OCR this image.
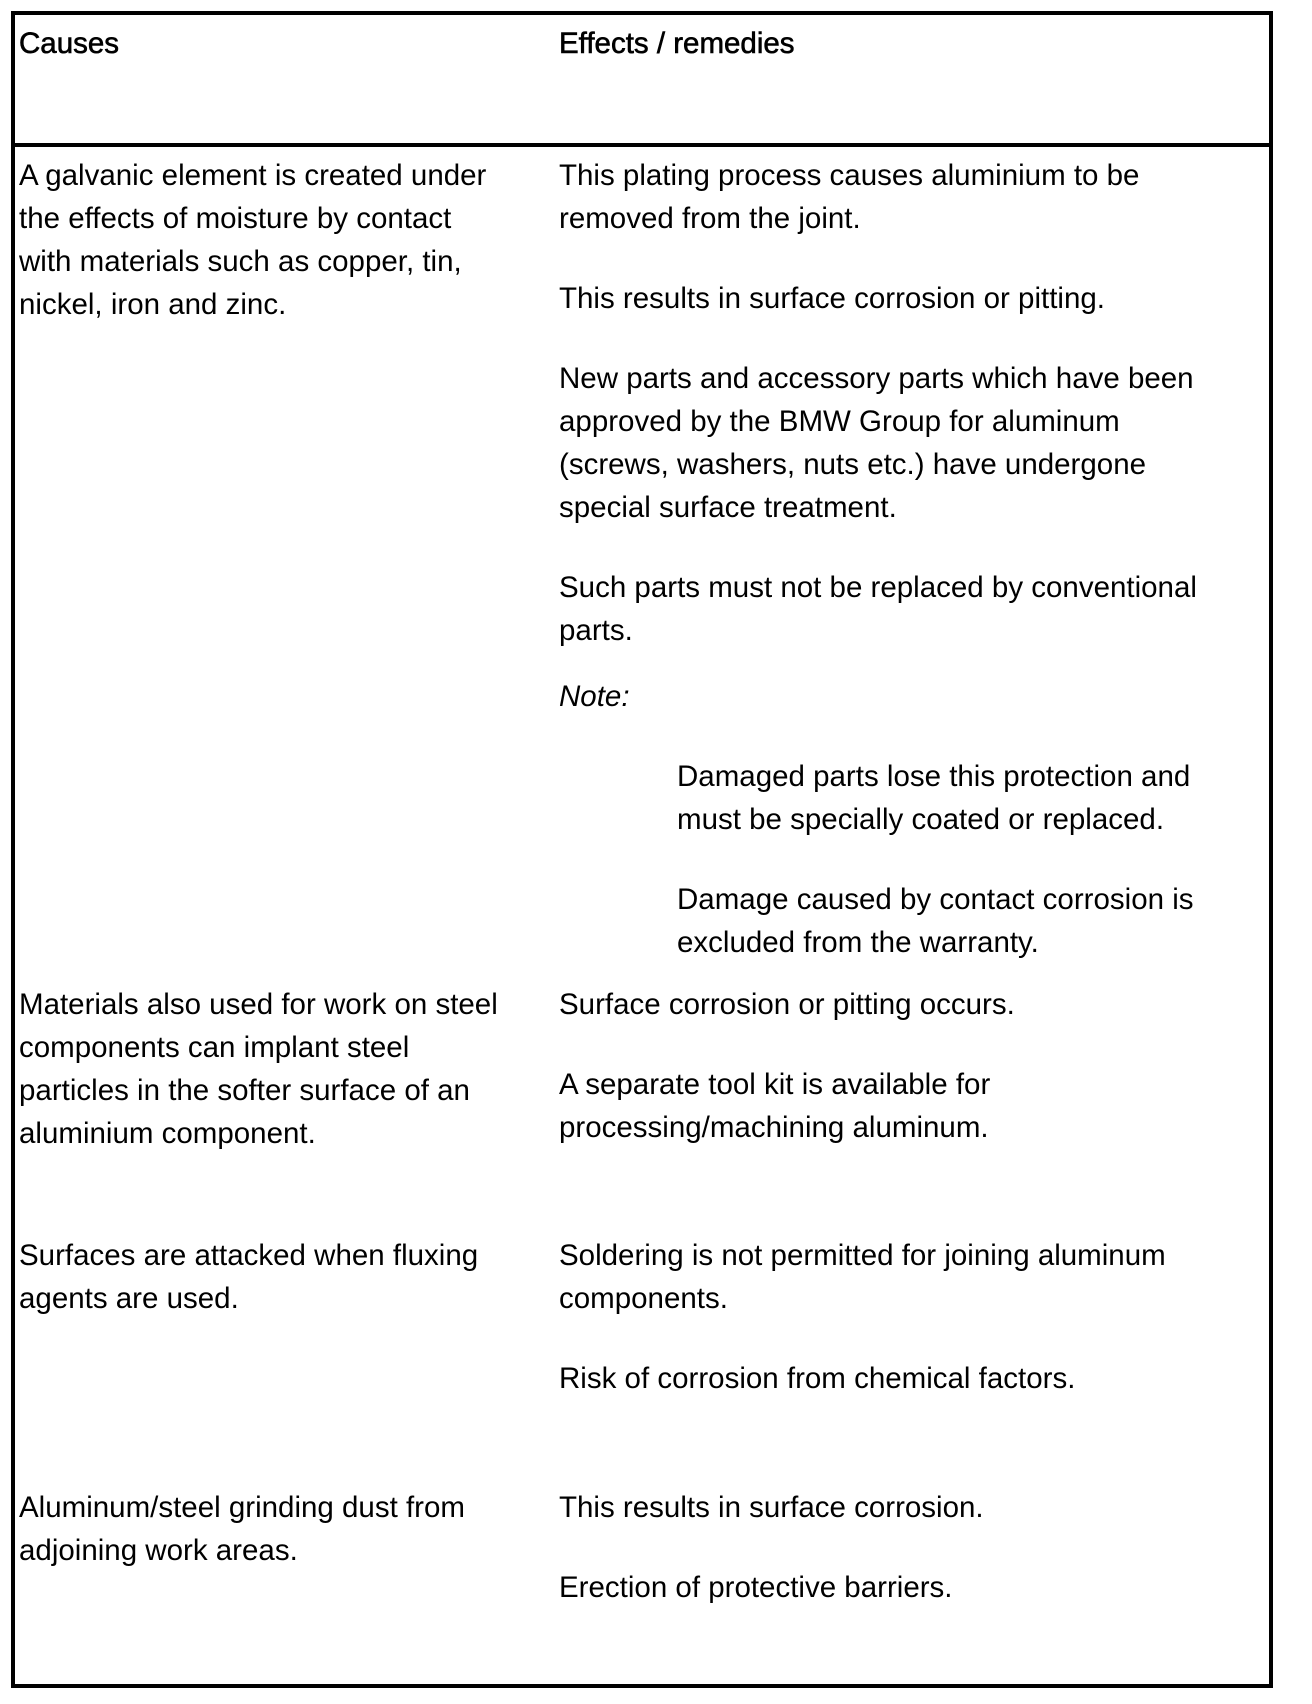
Causes	Effects / remedies
A galvanic element is created under
the effects of moisture by contact
with materials such as copper, tin,
nickel, iron and zinc.
This plating process causes aluminium to be
removed from the joint.
This results in surface corrosion or pitting.
New parts and accessory parts which have been
approved by the BMW Group for aluminum
(screws, washers, nuts etc.) have undergone
special surface treatment.
Such parts must not be replaced by conventional
parts.
Note:
Damaged parts lose this protection and
must be specially coated or replaced.
Damage caused by contact corrosion is
excluded from the warranty.
Materials also used for work on steel
components can implant steel
particles in the softer surface of an
aluminium component.
Surface corrosion or pitting occurs.
A separate tool kit is available for
processing/machining aluminum.
Surfaces are attacked when fluxing
agents are used.
Soldering is not permitted for joining aluminum
components.
Risk of corrosion from chemical factors.
Aluminum/steel grinding dust from
adjoining work areas.
This results in surface corrosion.
Erection of protective barriers.
